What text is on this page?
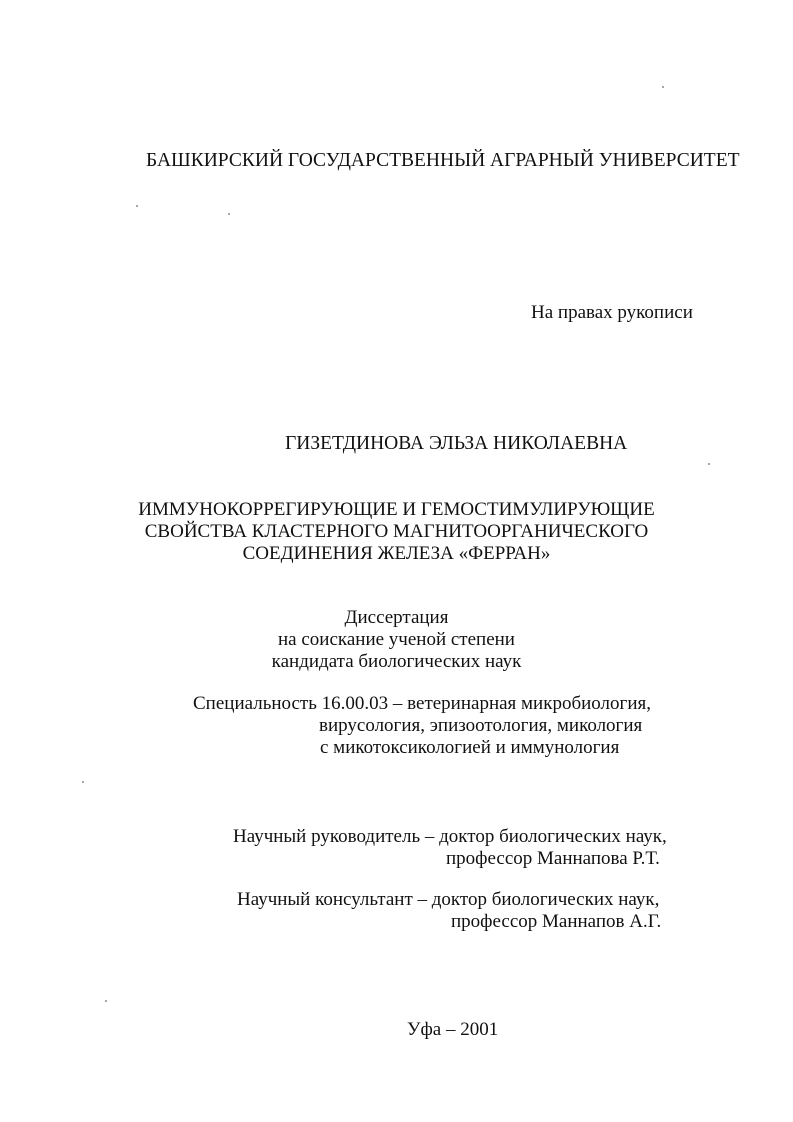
БАШКИРСКИЙ ГОСУДАРСТВЕННЫЙ АГРАРНЫЙ УНИВЕРСИТЕТ
На правах рукописи
ГИЗЕТДИНОВА ЭЛЬЗА НИКОЛАЕВНА
ИММУНОКОРРЕГИРУЮЩИЕ И ГЕМОСТИМУЛИРУЮЩИЕ
СВОЙСТВА КЛАСТЕРНОГО МАГНИТООРГАНИЧЕСКОГО
СОЕДИНЕНИЯ ЖЕЛЕЗА «ФЕРРАН»
Диссертация
на соискание ученой степени
кандидата биологических наук
Специальность 16.00.03 – ветеринарная микробиология,
вирусология, эпизоотология, микология
с микотоксикологией и иммунология
Научный руководитель – доктор биологических наук,
профессор Маннапова Р.Т.
Научный консультант – доктор биологических наук,
профессор Маннапов А.Г.
Уфа – 2001
